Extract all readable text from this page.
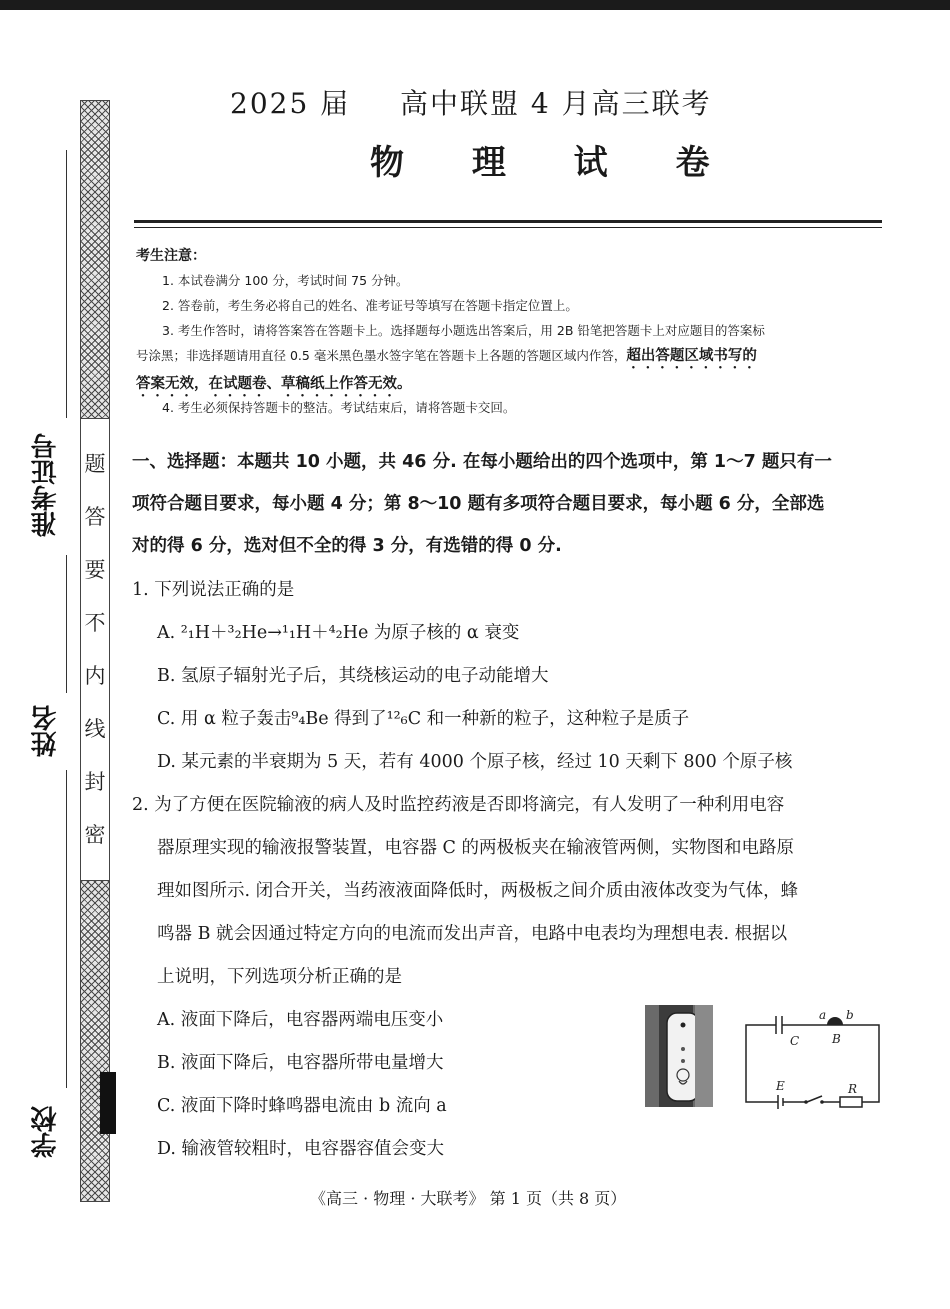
题
答
要
不
内
线
封
密
准考证号
姓名
学校
2025 届 高中联盟 4 月高三联考
物 理 试 卷
考生注意：
1. 本试卷满分 100 分，考试时间 75 分钟。
2. 答卷前，考生务必将自己的姓名、准考证号等填写在答题卡指定位置上。
3. 考生作答时，请将答案答在答题卡上。选择题每小题选出答案后，用 2B 铅笔把答题卡上对应题目的答案标
号涂黑；非选择题请用直径 0.5 毫米黑色墨水签字笔在答题卡上各题的答题区域内作答，超出答题区域书写的
答案无效，在试题卷、草稿纸上作答无效。
4. 考生必须保持答题卡的整洁。考试结束后，请将答题卡交回。
一、选择题：本题共 10 小题，共 46 分. 在每小题给出的四个选项中，第 1～7 题只有一
项符合题目要求，每小题 4 分；第 8～10 题有多项符合题目要求，每小题 6 分，全部选
对的得 6 分，选对但不全的得 3 分，有选错的得 0 分.
1. 下列说法正确的是
A. ²₁H＋³₂He→¹₁H＋⁴₂He 为原子核的 α 衰变
B. 氢原子辐射光子后，其绕核运动的电子动能增大
C. 用 α 粒子轰击⁹₄Be 得到了¹²₆C 和一种新的粒子，这种粒子是质子
D. 某元素的半衰期为 5 天，若有 4000 个原子核，经过 10 天剩下 800 个原子核
2. 为了方便在医院输液的病人及时监控药液是否即将滴完，有人发明了一种利用电容
器原理实现的输液报警装置，电容器 C 的两极板夹在输液管两侧，实物图和电路原
理如图所示. 闭合开关，当药液液面降低时，两极板之间介质由液体改变为气体，蜂
鸣器 B 就会因通过特定方向的电流而发出声音，电路中电表均为理想电表. 根据以
上说明，下列选项分析正确的是
A. 液面下降后，电容器两端电压变小
B. 液面下降后，电容器所带电量增大
C. 液面下降时蜂鸣器电流由 b 流向 a
D. 输液管较粗时，电容器容值会变大
a b
C	B
E	R
《高三 · 物理 · 大联考》 第 1 页（共 8 页）
